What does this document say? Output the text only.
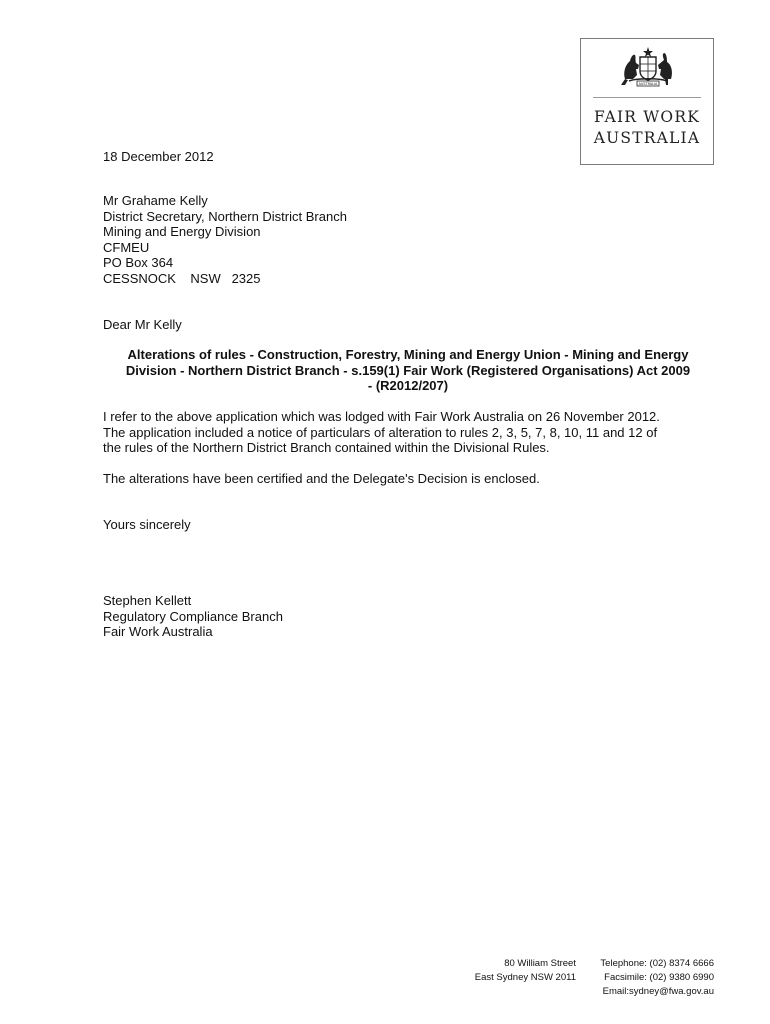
AUSTRALIA
FAIR WORK
AUSTRALIA
18 December 2012
Mr Grahame Kelly
District Secretary, Northern District Branch
Mining and Energy Division
CFMEU
PO Box 364
CESSNOCK    NSW   2325
Dear Mr Kelly
Alterations of rules - Construction, Forestry, Mining and Energy Union - Mining and Energy
Division - Northern District Branch - s.159(1) Fair Work (Registered Organisations) Act 2009
- (R2012/207)
I refer to the above application which was lodged with Fair Work Australia on 26 November 2012.
The application included a notice of particulars of alteration to rules 2, 3, 5, 7, 8, 10, 11 and 12 of
the rules of the Northern District Branch contained within the Divisional Rules.
The alterations have been certified and the Delegate's Decision is enclosed.
Yours sincerely
Stephen Kellett
Regulatory Compliance Branch
Fair Work Australia
80 William Street
East Sydney NSW 2011
Telephone: (02) 8374 6666
Facsimile: (02) 9380 6990
Email:sydney@fwa.gov.au
